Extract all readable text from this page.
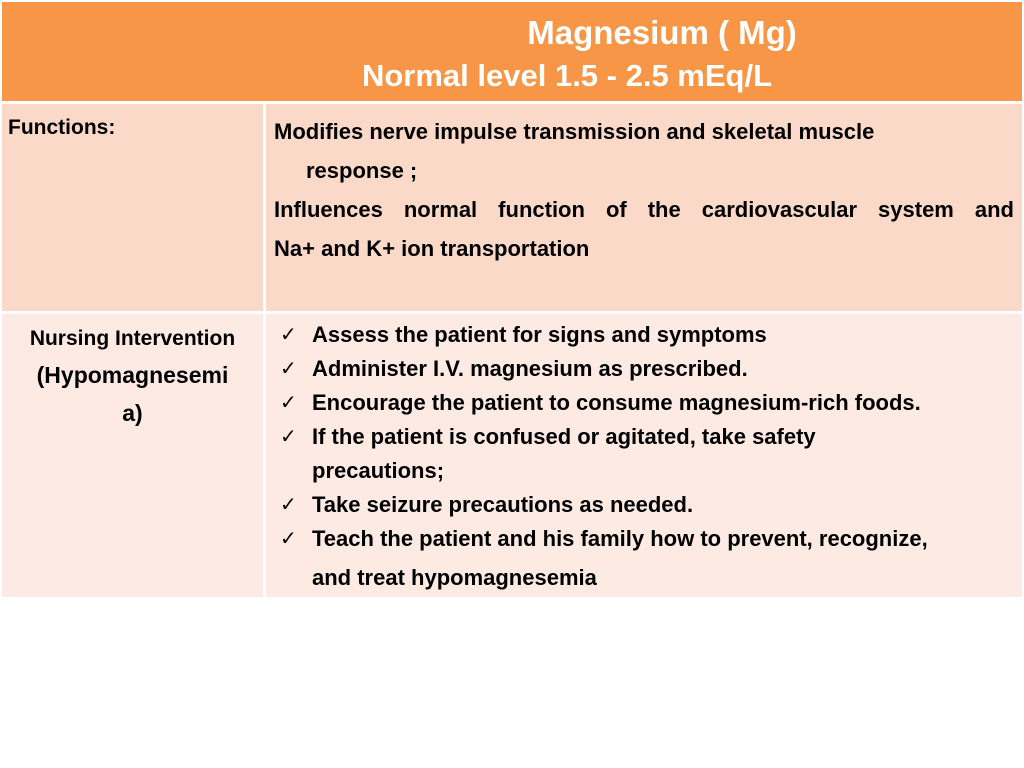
Magnesium ( Mg)
Normal level 1.5 - 2.5 mEq/L
Functions:	Modifies nerve impulse transmission and skeletal muscle
response ;
Influences normal function of the cardiovascular system and
Na+ and K+ ion transportation
Nursing Intervention
(Hypomagnesemi
a)
✓ Assess the patient for signs and symptoms
✓ Administer I.V. magnesium as prescribed.
✓ Encourage the patient to consume magnesium-rich foods.
✓ If the patient is confused or agitated, take safety
precautions;
✓ Take seizure precautions as needed.
✓ Teach the patient and his family how to prevent, recognize,
and treat hypomagnesemia
